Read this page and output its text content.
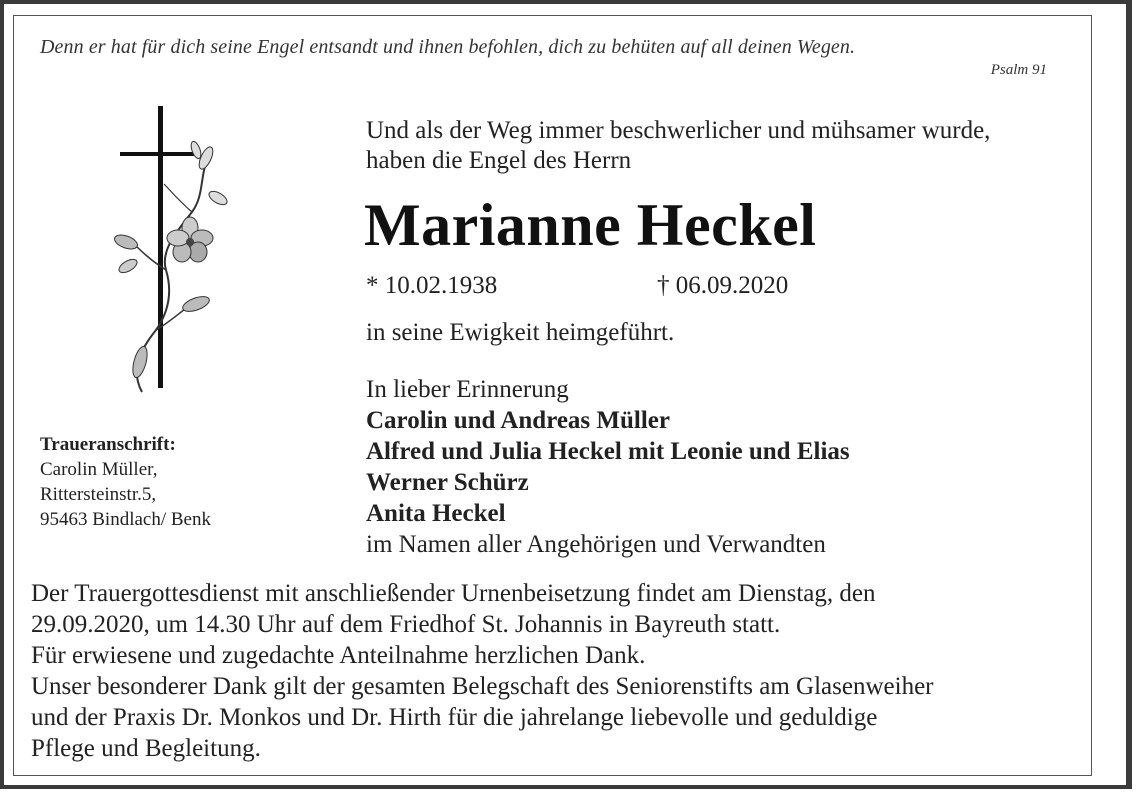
Denn er hat für dich seine Engel entsandt und ihnen befohlen, dich zu behüten auf all deinen Wegen.
Psalm 91
Und als der Weg immer beschwerlicher und mühsamer wurde,
haben die Engel des Herrn
Marianne Heckel
* 10.02.1938	† 06.09.2020
in seine Ewigkeit heimgeführt.
In lieber Erinnerung
Carolin und Andreas Müller
Alfred und Julia Heckel mit Leonie und Elias
Werner Schürz
Anita Heckel
im Namen aller Angehörigen und Verwandten
Traueranschrift:
Carolin Müller,
Rittersteinstr.5,
95463 Bindlach/ Benk
Der Trauergottesdienst mit anschließender Urnenbeisetzung findet am Dienstag, den
29.09.2020, um 14.30 Uhr auf dem Friedhof St. Johannis in Bayreuth statt.
Für erwiesene und zugedachte Anteilnahme herzlichen Dank.
Unser besonderer Dank gilt der gesamten Belegschaft des Seniorenstifts am Glasenweiher
und der Praxis Dr. Monkos und Dr. Hirth für die jahrelange liebevolle und geduldige
Pflege und Begleitung.
